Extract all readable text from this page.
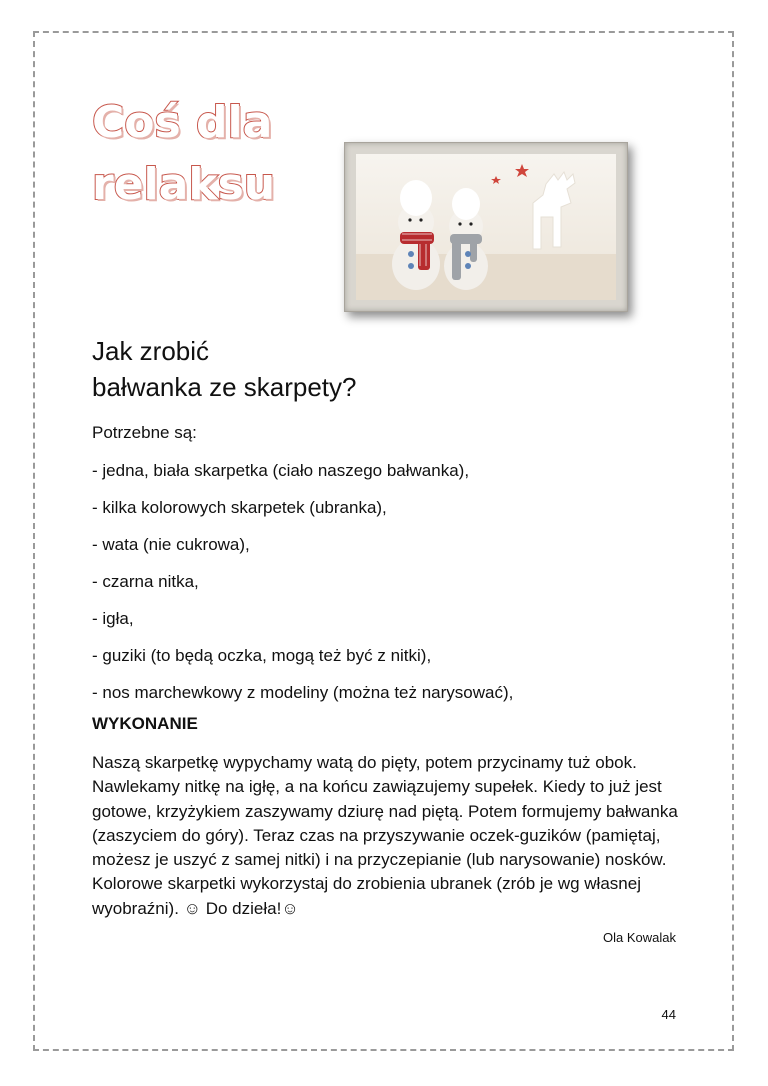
Coś dla
relaksu
Jak zrobić
bałwanka ze skarpety?
Potrzebne są:
- jedna, biała skarpetka (ciało naszego bałwanka),
- kilka kolorowych skarpetek (ubranka),
- wata (nie cukrowa),
- czarna nitka,
- igła,
- guziki (to będą oczka, mogą też być z nitki),
- nos marchewkowy z modeliny (można też narysować),
WYKONANIE

Naszą skarpetkę wypychamy watą do pięty, potem przycinamy tuż obok. Nawlekamy nitkę na igłę, a na końcu zawiązujemy supełek. Kiedy to już jest gotowe, krzyżykiem zaszywamy dziurę nad piętą. Potem formujemy bałwanka (zaszyciem do góry). Teraz czas na przyszywanie oczek-guzików (pamiętaj, możesz je uszyć z samej nitki) i na przyczepianie (lub narysowanie) nosków. Kolorowe skarpetki wykorzystaj do zrobienia ubranek (zrób je wg własnej wyobraźni). ☺ Do dzieła!☺

Ola Kowalak
44
